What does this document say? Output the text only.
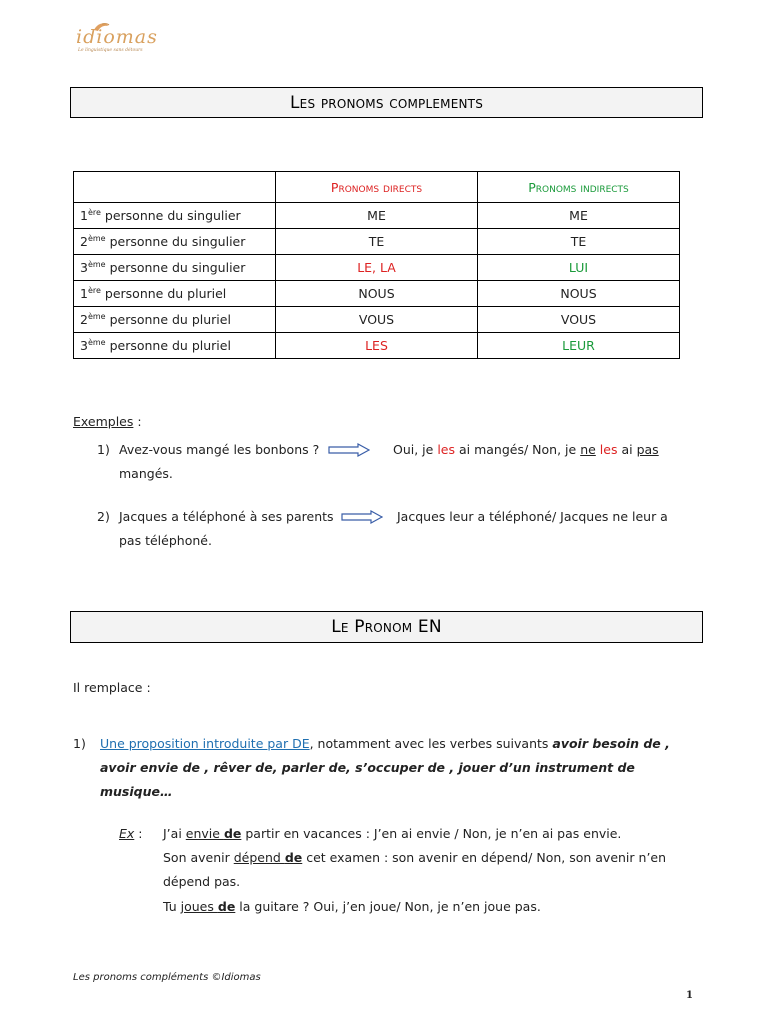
idiomas
Le linguistique sans détours
Les pronoms complements
	Pronoms directs	Pronoms indirects
1ère personne du singulier	ME	ME
2ème personne du singulier	TE	TE
3ème personne du singulier	LE, LA	LUI
1ère personne du pluriel	NOUS	NOUS
2ème personne du pluriel	VOUS	VOUS
3ème personne du pluriel	LES	LEUR
Exemples :
1) Avez-vous mangé les bonbons ?	Oui, je les ai mangés/ Non, je ne les ai pas
mangés.
2) Jacques a téléphoné à ses parents	Jacques leur a téléphoné/ Jacques ne leur a
pas téléphoné.
Le Pronom EN
Il remplace :
1) Une proposition introduite par DE, notamment avec les verbes suivants avoir besoin de ,
avoir envie de , rêver de, parler de, s’occuper de , jouer d’un instrument de
musique…
Ex : J’ai envie de partir en vacances : J’en ai envie / Non, je n’en ai pas envie.
Son avenir dépend de cet examen : son avenir en dépend/ Non, son avenir n’en
dépend pas.
Tu joues de la guitare ? Oui, j’en joue/ Non, je n’en joue pas.
Les pronoms compléments ©Idiomas
1
